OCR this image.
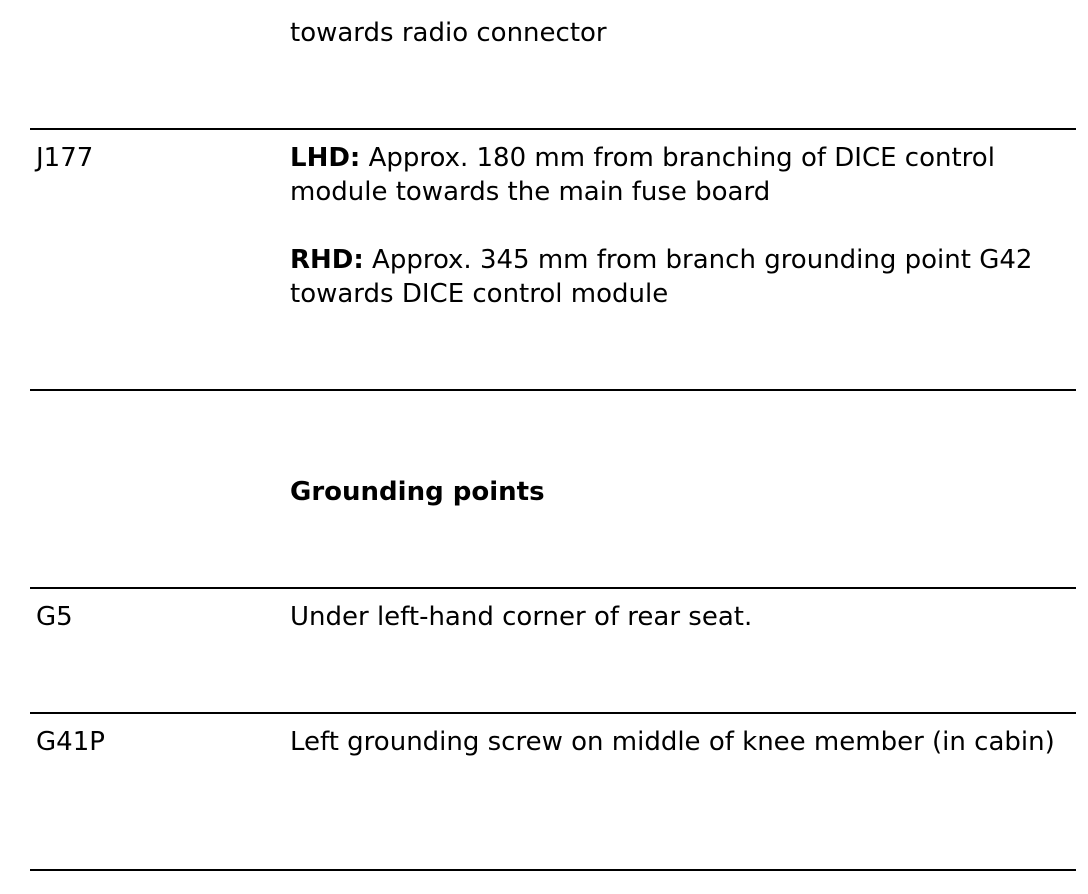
towards radio connector
J177	LHD: Approx. 180 mm from branching of DICE control module towards the main fuse board

RHD: Approx. 345 mm from branch grounding point G42 towards DICE control module

Grounding points
G5	Under left-hand corner of rear seat.
G41P	Left grounding screw on middle of knee member (in cabin)
